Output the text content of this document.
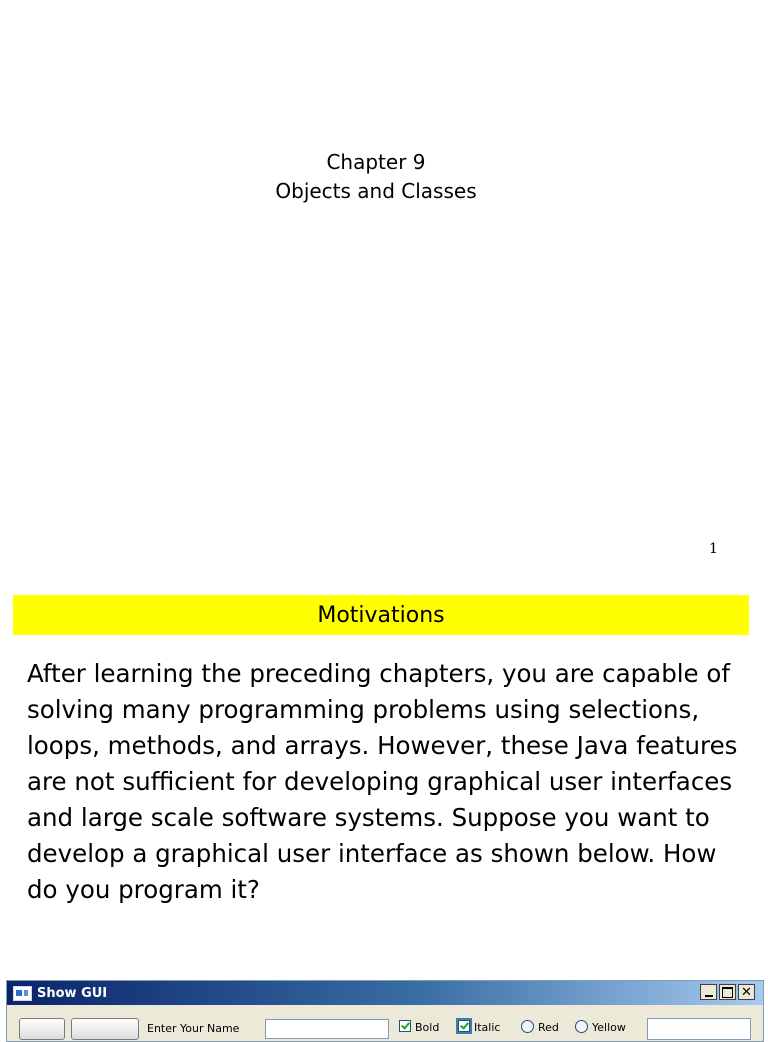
Chapter 9
Objects and Classes
1
Motivations

After learning the preceding chapters, you are capable of solving many programming problems using selections, loops, methods, and arrays. However, these Java features are not sufficient for developing graphical user interfaces and large scale software systems. Suppose you want to develop a graphical user interface as shown below. How do you program it?

Show GUI	✕
Enter Your Name	Bold	Italic	Red	Yellow
